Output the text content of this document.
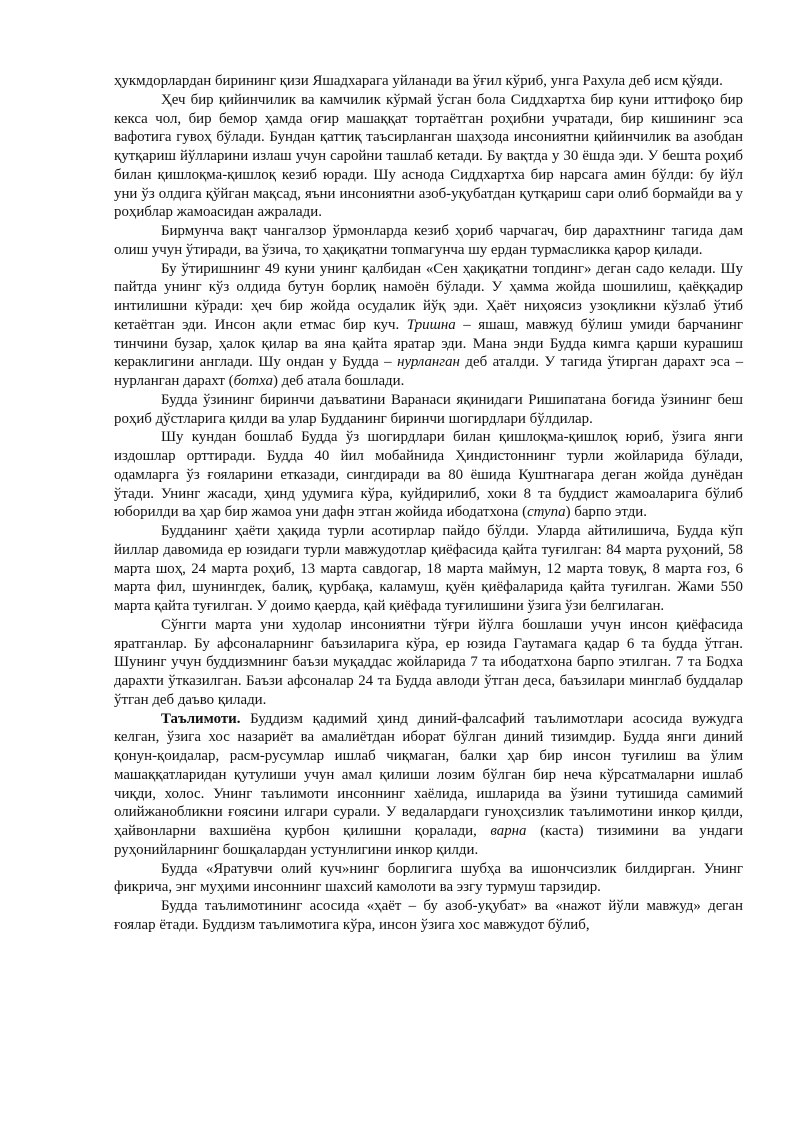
ҳукмдорлардан бирининг қизи Яшадхарага уйланади ва ўғил кўриб, унга Рахула деб исм қўяди.

Ҳеч бир қийинчилик ва камчилик кўрмай ўсган бола Сиддхартха бир куни иттифоқо бир кекса чол, бир бемор ҳамда оғир машаққат тортаётган роҳибни учратади, бир кишининг эса вафотига гувоҳ бўлади. Бундан қаттиқ таъсирланган шаҳзода инсониятни қийинчилик ва азобдан қутқариш йўлларини излаш учун саройни ташлаб кетади. Бу вақтда у 30 ёшда эди. У бешта роҳиб билан қишлоқма-қишлоқ кезиб юради. Шу аснода Сиддхартха бир нарсага амин бўлди: бу йўл уни ўз олдига қўйган мақсад, яъни инсониятни азоб-уқубатдан қутқариш сари олиб бормайди ва у роҳиблар жамоасидан ажралади.

Бирмунча вақт чангалзор ўрмонларда кезиб ҳориб чарчагач, бир дарахтнинг тагида дам олиш учун ўтиради, ва ўзича, то ҳақиқатни топмагунча шу ердан турмасликка қарор қилади.

Бу ўтиришнинг 49 куни унинг қалбидан «Сен ҳақиқатни топдинг» деган садо келади. Шу пайтда унинг кўз олдида бутун борлиқ намоён бўлади. У ҳамма жойда шошилиш, қаёққадир интилишни кўради: ҳеч бир жойда осудалик йўқ эди. Ҳаёт ниҳоясиз узоқликни кўзлаб ўтиб кетаётган эди. Инсон ақли етмас бир куч. Тришна – яшаш, мавжуд бўлиш умиди барчанинг тинчини бузар, ҳалок қилар ва яна қайта яратар эди. Мана энди Будда кимга қарши курашиш кераклигини англади. Шу ондан у Будда – нурланган деб аталди. У тагида ўтирган дарахт эса – нурланган дарахт (ботха) деб атала бошлади.

Будда ўзининг биринчи даъватини Варанаси яқинидаги Ришипатана боғида ўзининг беш роҳиб дўстларига қилди ва улар Будданинг биринчи шогирдлари бўлдилар.

Шу кундан бошлаб Будда ўз шогирдлари билан қишлоқма-қишлоқ юриб, ўзига янги издошлар орттиради. Будда 40 йил мобайнида Ҳиндистоннинг турли жойларида бўлади, одамларга ўз ғояларини етказади, сингдиради ва 80 ёшида Куштнагара деган жойда дунёдан ўтади. Унинг жасади, ҳинд удумига кўра, куйдирилиб, хоки 8 та буддист жамоаларига бўлиб юборилди ва ҳар бир жамоа уни дафн этган жойида ибодатхона (ступа) барпо этди.

Будданинг ҳаёти ҳақида турли асотирлар пайдо бўлди. Уларда айтилишича, Будда кўп йиллар давомида ер юзидаги турли мавжудотлар қиёфасида қайта туғилган: 84 марта руҳоний, 58 марта шоҳ, 24 марта роҳиб, 13 марта савдогар, 18 марта маймун, 12 марта товуқ, 8 марта ғоз, 6 марта фил, шунингдек, балиқ, қурбақа, каламуш, қуён қиёфаларида қайта туғилган. Жами 550 марта қайта туғилган. У доимо қаерда, қай қиёфада туғилишини ўзига ўзи белгилаган.

Сўнгги марта уни худолар инсониятни тўғри йўлга бошлаши учун инсон қиёфасида яратганлар. Бу афсоналарнинг баъзиларига кўра, ер юзида Гаутамага қадар 6 та будда ўтган. Шунинг учун буддизмнинг баъзи муқаддас жойларида 7 та ибодатхона барпо этилган. 7 та Бодха дарахти ўтказилган. Баъзи афсоналар 24 та Будда авлоди ўтган деса, баъзилари минглаб буддалар ўтган деб даъво қилади.

Таълимоти. Буддизм қадимий ҳинд диний-фалсафий таълимотлари асосида вужудга келган, ўзига хос назариёт ва амалиётдан иборат бўлган диний тизимдир. Будда янги диний қонун-қоидалар, расм-русумлар ишлаб чиқмаган, балки ҳар бир инсон туғилиш ва ўлим машаққатларидан қутулиши учун амал қилиши лозим бўлган бир неча кўрсатмаларни ишлаб чиқди, холос. Унинг таълимоти инсоннинг хаёлида, ишларида ва ўзини тутишида самимий олийжанобликни ғоясини илгари сурали. У ведалардаги гуноҳсизлик таълимотини инкор қилди, ҳайвонларни вахшиёна қурбон қилишни қоралади, варна (каста) тизимини ва ундаги руҳонийларнинг бошқалардан устунлигини инкор қилди.

Будда «Яратувчи олий куч»нинг борлигига шубҳа ва ишончсизлик билдирган. Унинг фикрича, энг муҳими инсоннинг шахсий камолоти ва эзгу турмуш тарзидир.

Будда таълимотининг асосида «ҳаёт – бу азоб-уқубат» ва «нажот йўли мавжуд» деган ғоялар ётади. Буддизм таълимотига кўра, инсон ўзига хос мавжудот бўлиб,
